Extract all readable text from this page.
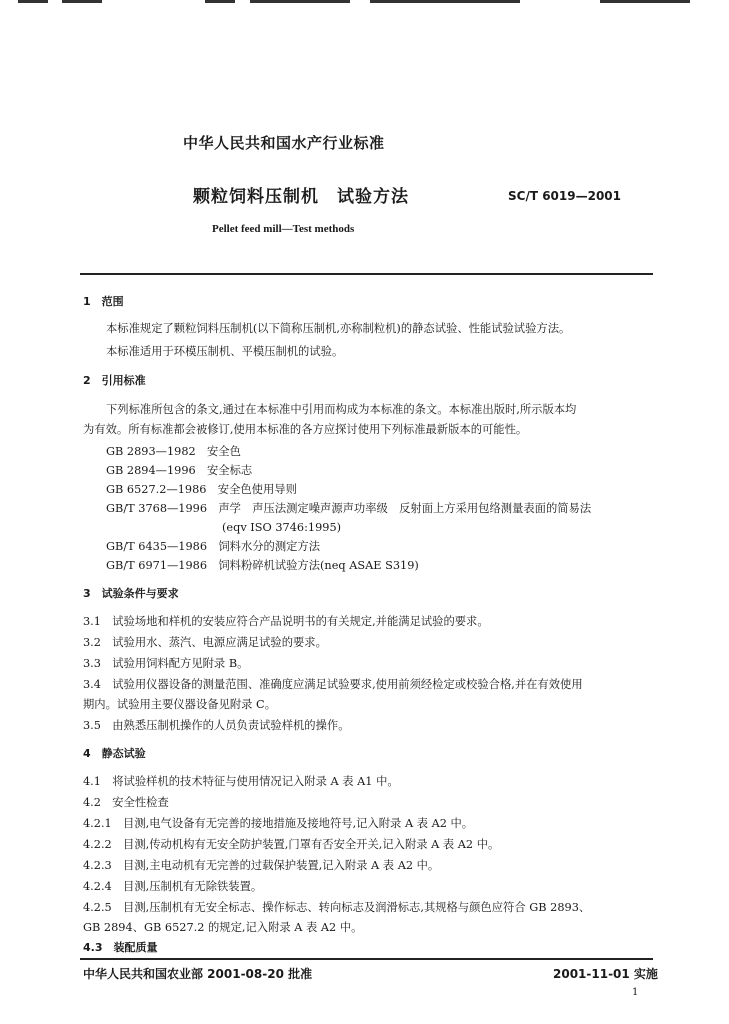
中华人民共和国水产行业标准
颗粒饲料压制机　试验方法	SC/T 6019—2001
Pellet feed mill—Test methods
1　范围
本标准规定了颗粒饲料压制机(以下简称压制机,亦称制粒机)的静态试验、性能试验试验方法。
本标准适用于环模压制机、平模压制机的试验。
2　引用标准
下列标准所包含的条文,通过在本标准中引用而构成为本标准的条文。本标准出版时,所示版本均
为有效。所有标准都会被修订,使用本标准的各方应探讨使用下列标准最新版本的可能性。
GB 2893—1982　安全色
GB 2894—1996　安全标志
GB 6527.2—1986　安全色使用导则
GB/T 3768—1996　声学　声压法测定噪声源声功率级　反射面上方采用包络测量表面的简易法
(eqv ISO 3746:1995)
GB/T 6435—1986　饲料水分的测定方法
GB/T 6971—1986　饲料粉碎机试验方法(neq ASAE S319)
3　试验条件与要求
3.1　试验场地和样机的安装应符合产品说明书的有关规定,并能满足试验的要求。
3.2　试验用水、蒸汽、电源应满足试验的要求。
3.3　试验用饲料配方见附录 B。
3.4　试验用仪器设备的测量范围、准确度应满足试验要求,使用前须经检定或校验合格,并在有效使用
期内。试验用主要仪器设备见附录 C。
3.5　由熟悉压制机操作的人员负责试验样机的操作。
4　静态试验
4.1　将试验样机的技术特征与使用情况记入附录 A 表 A1 中。
4.2　安全性检查
4.2.1　目测,电气设备有无完善的接地措施及接地符号,记入附录 A 表 A2 中。
4.2.2　目测,传动机构有无安全防护装置,门罩有否安全开关,记入附录 A 表 A2 中。
4.2.3　目测,主电动机有无完善的过载保护装置,记入附录 A 表 A2 中。
4.2.4　目测,压制机有无除铁装置。
4.2.5　目测,压制机有无安全标志、操作标志、转向标志及润滑标志,其规格与颜色应符合 GB 2893、
GB 2894、GB 6527.2 的规定,记入附录 A 表 A2 中。
4.3　装配质量
中华人民共和国农业部 2001-08-20 批准	2001-11-01 实施
1
